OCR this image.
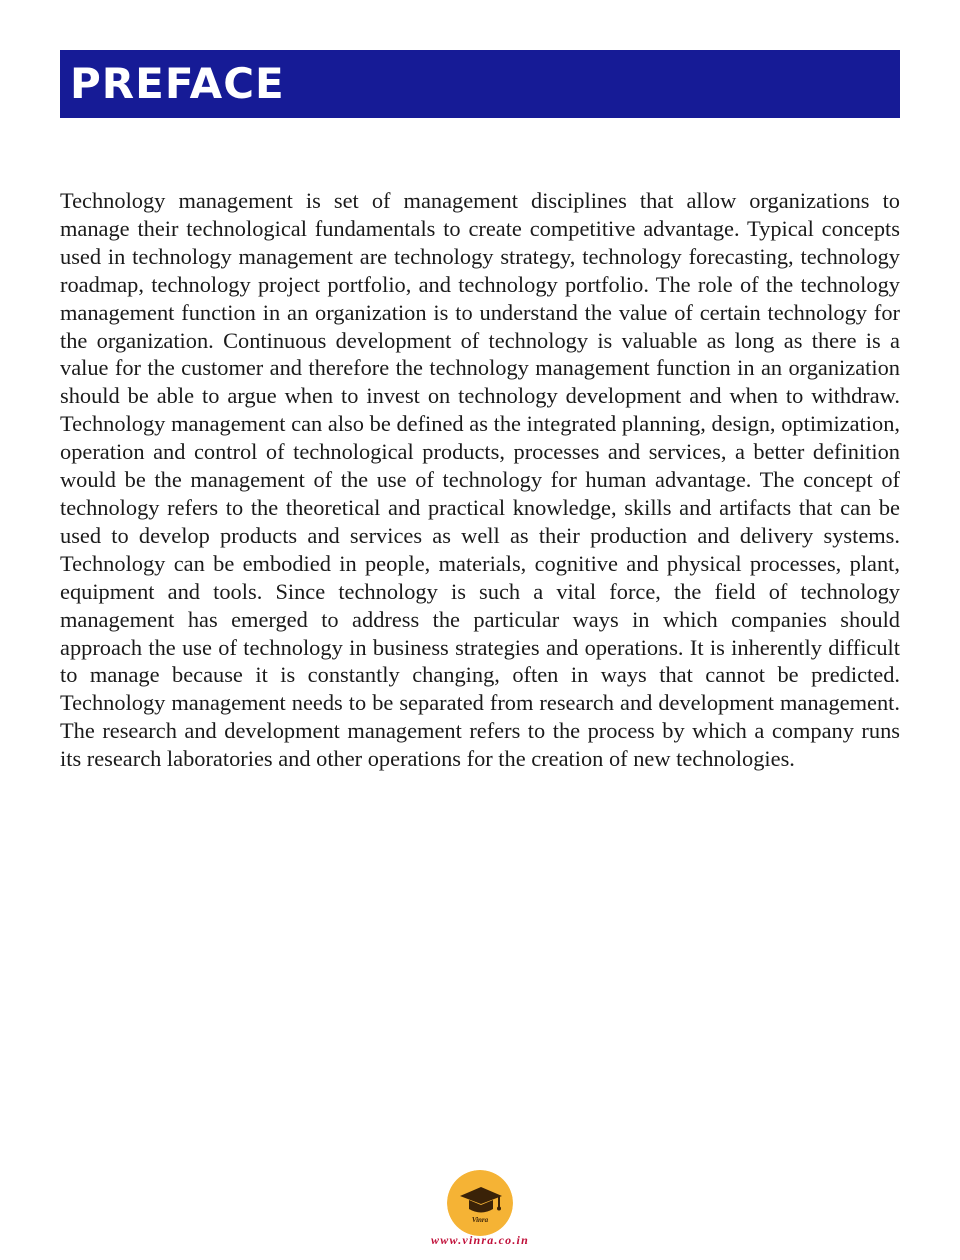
PREFACE

Technology management is set of management disciplines that allow organizations to manage their technological fundamentals to create competitive advantage. Typical concepts used in technology management are technology strategy, technology forecasting, technology roadmap, technology project portfolio, and technology portfolio. The role of the technology management function in an organization is to understand the value of certain technology for the organization. Continuous development of technology is valuable as long as there is a value for the customer and therefore the technology management function in an organization should be able to argue when to invest on technology development and when to withdraw. Technology management can also be defined as the integrated planning, design, optimization, operation and control of technological products, processes and services, a better definition would be the management of the use of technology for human advantage. The concept of technology refers to the theoretical and practical knowledge, skills and artifacts that can be used to develop products and services as well as their production and delivery systems. Technology can be embodied in people, materials, cognitive and physical processes, plant, equipment and tools. Since technology is such a vital force, the field of technology management has emerged to address the particular ways in which companies should approach the use of technology in business strategies and operations. It is inherently difficult to manage because it is constantly changing, often in ways that cannot be predicted. Technology management needs to be separated from research and development management. The research and development management refers to the process by which a company runs its research laboratories and other operations for the creation of new technologies.

Vinra
www.vinra.co.in
